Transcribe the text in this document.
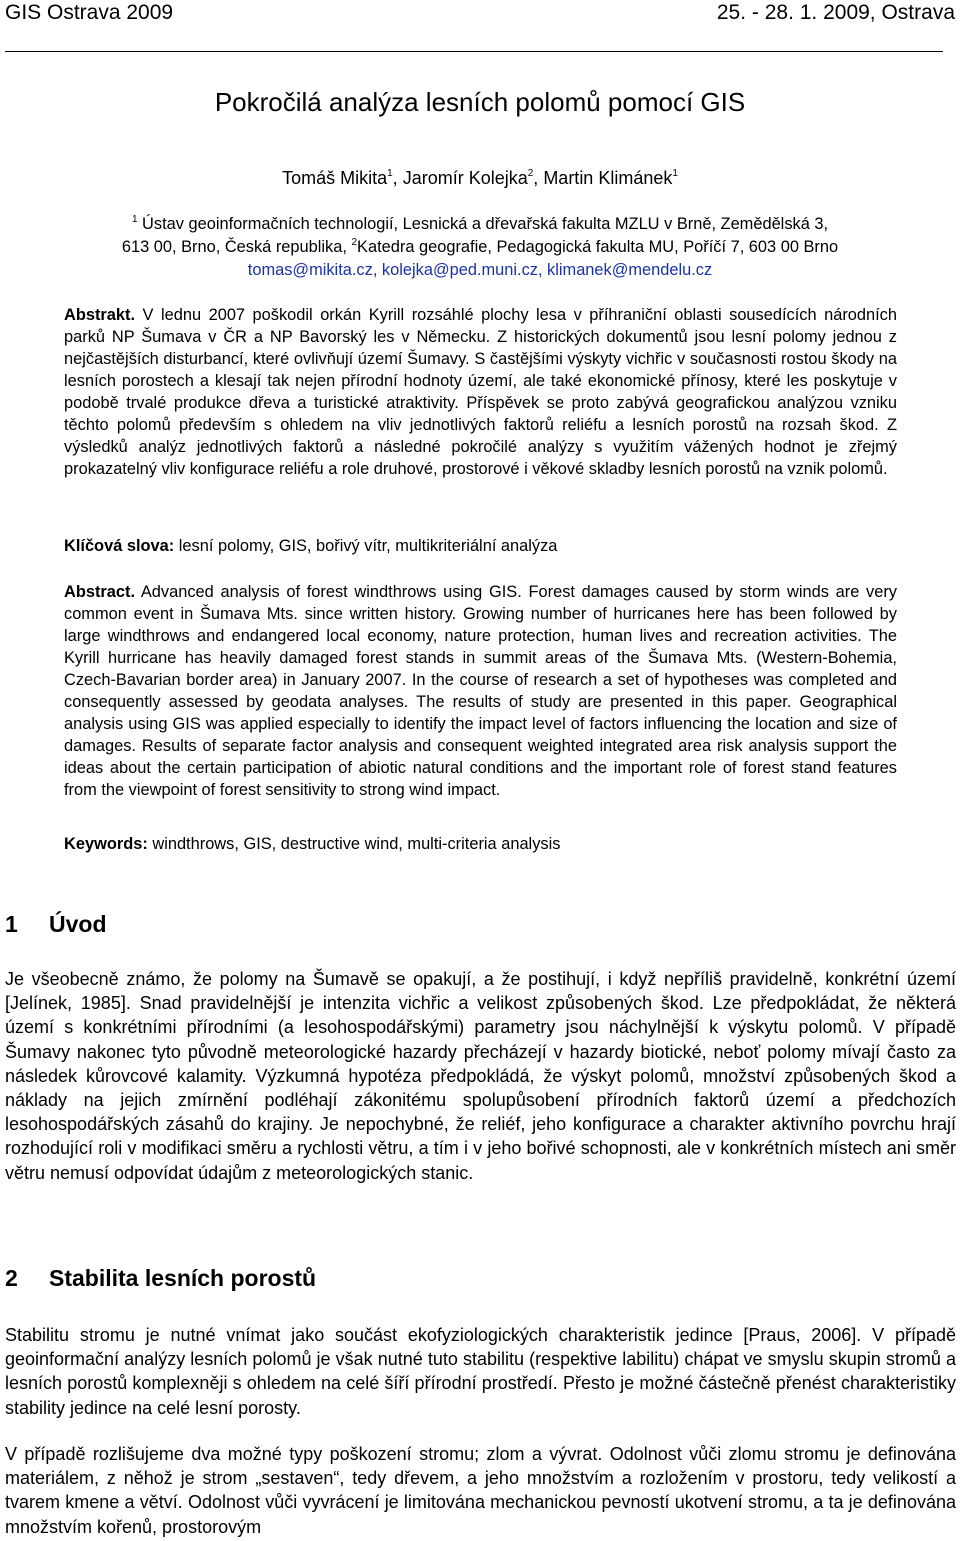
GIS Ostrava 2009	25. - 28. 1. 2009, Ostrava
Pokročilá analýza lesních polomů pomocí GIS
Tomáš Mikita$^1$, Jaromír Kolejka$^2$, Martin Klimánek$^1$
$^1$ Ústav geoinformačních technologií, Lesnická a dřevařská fakulta MZLU v Brně, Zemědělská 3,
613 00, Brno, Česká republika, $^2$Katedra geografie, Pedagogická fakulta MU, Poříčí 7, 603 00 Brno
tomas@mikita.cz, kolejka@ped.muni.cz, klimanek@mendelu.cz
Abstrakt. V lednu 2007 poškodil orkán Kyrill rozsáhlé plochy lesa v příhraniční oblasti sousedících národních parků NP Šumava v ČR a NP Bavorský les v Německu. Z historických dokumentů jsou lesní polomy jednou z nejčastějších disturbancí, které ovlivňují území Šumavy. S častějšími výskyty vichřic v současnosti rostou škody na lesních porostech a klesají tak nejen přírodní hodnoty území, ale také ekonomické přínosy, které les poskytuje v podobě trvalé produkce dřeva a turistické atraktivity. Příspěvek se proto zabývá geografickou analýzou vzniku těchto polomů především s ohledem na vliv jednotlivých faktorů reliéfu a lesních porostů na rozsah škod. Z výsledků analýz jednotlivých faktorů a následné pokročilé analýzy s využitím vážených hodnot je zřejmý prokazatelný vliv konfigurace reliéfu a role druhové, prostorové i věkové skladby lesních porostů na vznik polomů.
Klíčová slova: lesní polomy, GIS, bořivý vítr, multikriteriální analýza
Abstract. Advanced analysis of forest windthrows using GIS. Forest damages caused by storm winds are very common event in Šumava Mts. since written history. Growing number of hurricanes here has been followed by large windthrows and endangered local economy, nature protection, human lives and recreation activities. The Kyrill hurricane has heavily damaged forest stands in summit areas of the Šumava Mts. (Western-Bohemia, Czech-Bavarian border area) in January 2007. In the course of research a set of hypotheses was completed and consequently assessed by geodata analyses. The results of study are presented in this paper. Geographical analysis using GIS was applied especially to identify the impact level of factors influencing the location and size of damages. Results of separate factor analysis and consequent weighted integrated area risk analysis support the ideas about the certain participation of abiotic natural conditions and the important role of forest stand features from the viewpoint of forest sensitivity to strong wind impact.
Keywords: windthrows, GIS, destructive wind, multi-criteria analysis
1 Úvod
Je všeobecně známo, že polomy na Šumavě se opakují, a že postihují, i když nepříliš pravidelně, konkrétní území [Jelínek, 1985]. Snad pravidelnější je intenzita vichřic a velikost způsobených škod. Lze předpokládat, že některá území s konkrétními přírodními (a lesohospodářskými) parametry jsou náchylnější k výskytu polomů. V případě Šumavy nakonec tyto původně meteorologické hazardy přecházejí v hazardy biotické, neboť polomy mívají často za následek kůrovcové kalamity. Výzkumná hypotéza předpokládá, že výskyt polomů, množství způsobených škod a náklady na jejich zmírnění podléhají zákonitému spolupůsobení přírodních faktorů území a předchozích lesohospodářských zásahů do krajiny. Je nepochybné, že reliéf, jeho konfigurace a charakter aktivního povrchu hrají rozhodující roli v modifikaci směru a rychlosti větru, a tím i v jeho bořivé schopnosti, ale v konkrétních místech ani směr větru nemusí odpovídat údajům z meteorologických stanic.
2 Stabilita lesních porostů
Stabilitu stromu je nutné vnímat jako součást ekofyziologických charakteristik jedince [Praus, 2006]. V případě geoinformační analýzy lesních polomů je však nutné tuto stabilitu (respektive labilitu) chápat ve smyslu skupin stromů a lesních porostů komplexněji s ohledem na celé šíří přírodní prostředí. Přesto je možné částečně přenést charakteristiky stability jedince na celé lesní porosty.
V případě rozlišujeme dva možné typy poškození stromu; zlom a vývrat. Odolnost vůči zlomu stromu je definována materiálem, z něhož je strom „sestaven“, tedy dřevem, a jeho množstvím a rozložením v prostoru, tedy velikostí a tvarem kmene a větví. Odolnost vůči vyvrácení je limitována mechanickou pevností ukotvení stromu, a ta je definována množstvím kořenů, prostorovým
